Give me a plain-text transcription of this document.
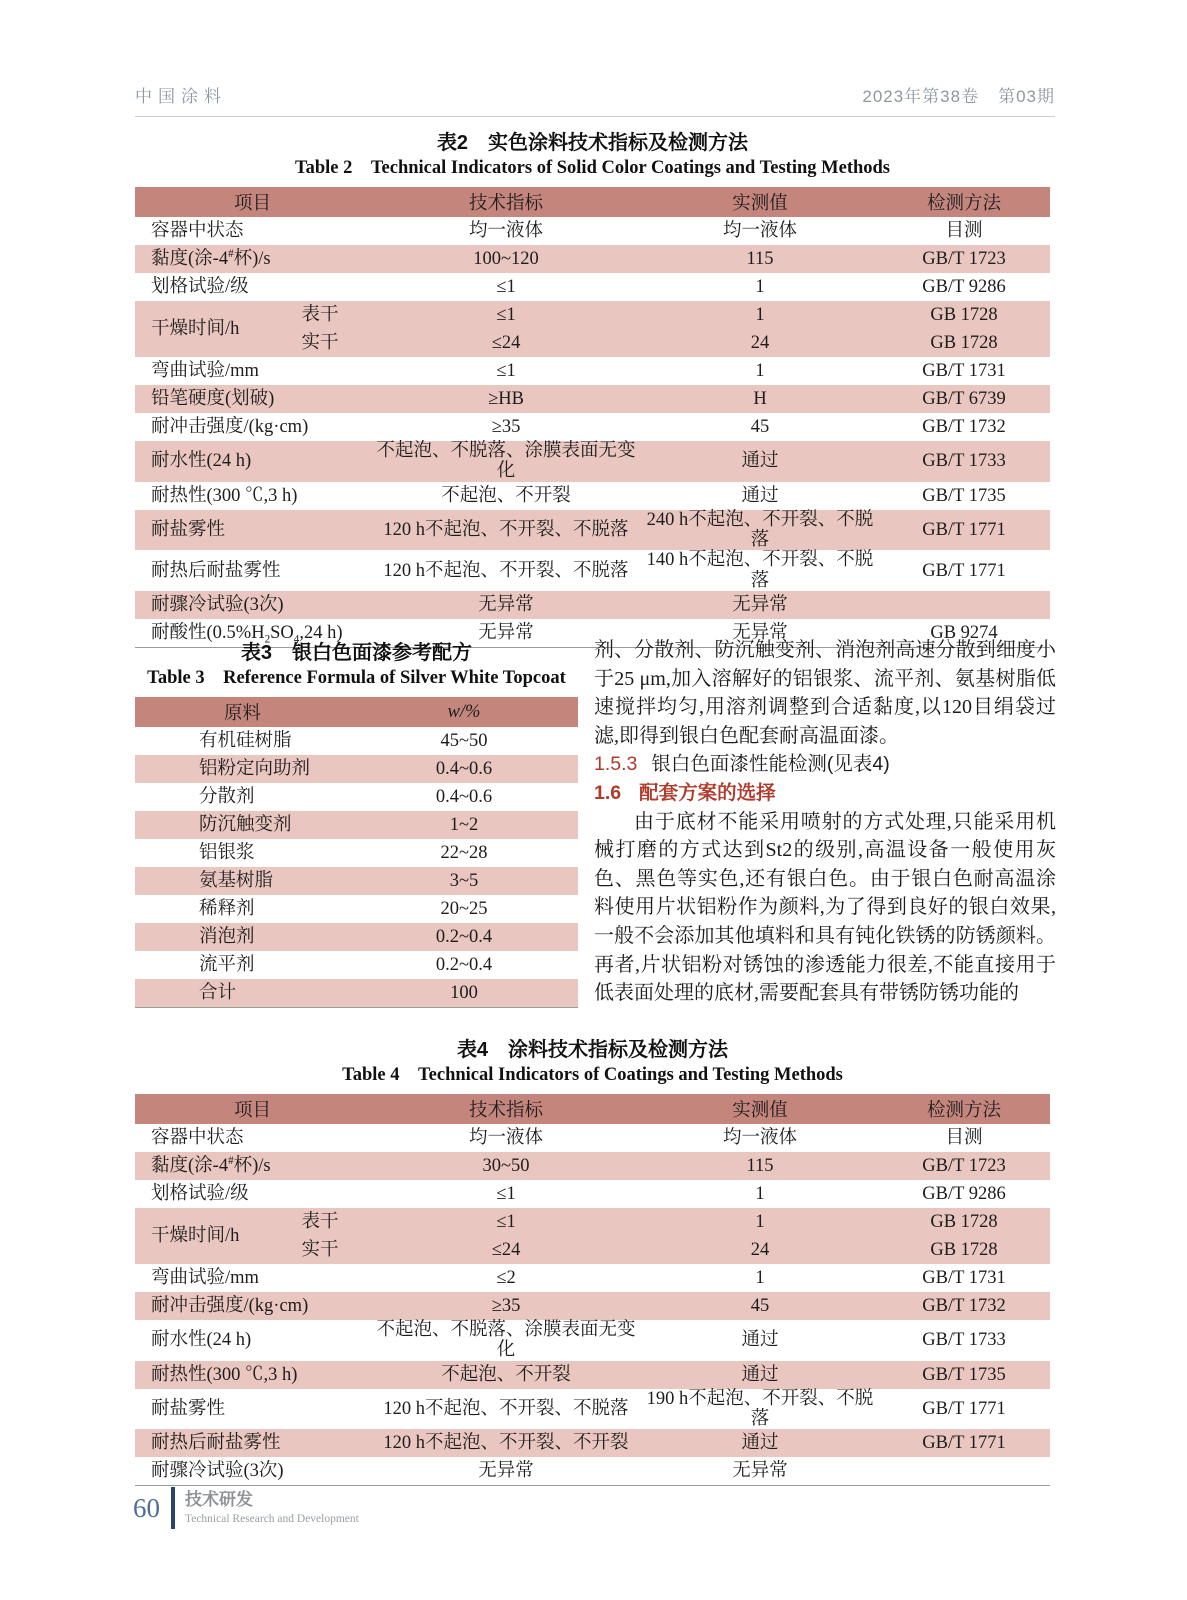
中国涂料	2023年第38卷  第03期
表2　实色涂料技术指标及检测方法
Table 2  Technical Indicators of Solid Color Coatings and Testing Methods
项目		技术指标	实测值	检测方法
容器中状态		均一液体	均一液体	目测
黏度(涂-4#杯)/s		100~120	115	GB/T 1723
划格试验/级		≤1	1	GB/T 9286
干燥时间/h	表干	≤1	1	GB 1728
	实干	≤24	24	GB 1728
弯曲试验/mm		≤1	1	GB/T 1731
铅笔硬度(划破)		≥HB	H	GB/T 6739
耐冲击强度/(kg·cm)		≥35	45	GB/T 1732
耐水性(24 h)		不起泡、不脱落、涂膜表面无变化	通过	GB/T 1733
耐热性(300 ℃,3 h)		不起泡、不开裂	通过	GB/T 1735
耐盐雾性		120 h不起泡、不开裂、不脱落	240 h不起泡、不开裂、不脱落	GB/T 1771
耐热后耐盐雾性		120 h不起泡、不开裂、不脱落	140 h不起泡、不开裂、不脱落	GB/T 1771
耐骤冷试验(3次)		无异常	无异常	
耐酸性($0.5\%H_2SO_4,24$ h)		无异常	无异常	GB 9274
表3　银白色面漆参考配方
Table 3  Reference Formula of Silver White Topcoat
原料	w/%
有机硅树脂	45~50
铝粉定向助剂	0.4~0.6
分散剂	0.4~0.6
防沉触变剂	1~2
铝银浆	22~28
氨基树脂	3~5
稀释剂	20~25
消泡剂	0.2~0.4
流平剂	0.2~0.4
合计	100

剂、分散剂、防沉触变剂、消泡剂高速分散到细度小于25 μm,加入溶解好的铝银浆、流平剂、氨基树脂低速搅拌均匀,用溶剂调整到合适黏度,以120目绢袋过滤,即得到银白色配套耐高温面漆。

1.5.3 银白色面漆性能检测(见表4)
1.6 配套方案的选择

由于底材不能采用喷射的方式处理,只能采用机械打磨的方式达到St2的级别,高温设备一般使用灰色、黑色等实色,还有银白色。由于银白色耐高温涂料使用片状铝粉作为颜料,为了得到良好的银白效果,一般不会添加其他填料和具有钝化铁锈的防锈颜料。再者,片状铝粉对锈蚀的渗透能力很差,不能直接用于低表面处理的底材,需要配套具有带锈防锈功能的

表4　涂料技术指标及检测方法
Table 4  Technical Indicators of Coatings and Testing Methods
项目		技术指标	实测值	检测方法
容器中状态		均一液体	均一液体	目测
黏度(涂-4#杯)/s		30~50	115	GB/T 1723
划格试验/级		≤1	1	GB/T 9286
干燥时间/h	表干	≤1	1	GB 1728
	实干	≤24	24	GB 1728
弯曲试验/mm		≤2	1	GB/T 1731
耐冲击强度/(kg·cm)		≥35	45	GB/T 1732
耐水性(24 h)		不起泡、不脱落、涂膜表面无变化	通过	GB/T 1733
耐热性(300 ℃,3 h)		不起泡、不开裂	通过	GB/T 1735
耐盐雾性		120 h不起泡、不开裂、不脱落	190 h不起泡、不开裂、不脱落	GB/T 1771
耐热后耐盐雾性		120 h不起泡、不开裂、不开裂	通过	GB/T 1771
耐骤冷试验(3次)		无异常	无异常	
60 技术研发
Technical Research and Development
